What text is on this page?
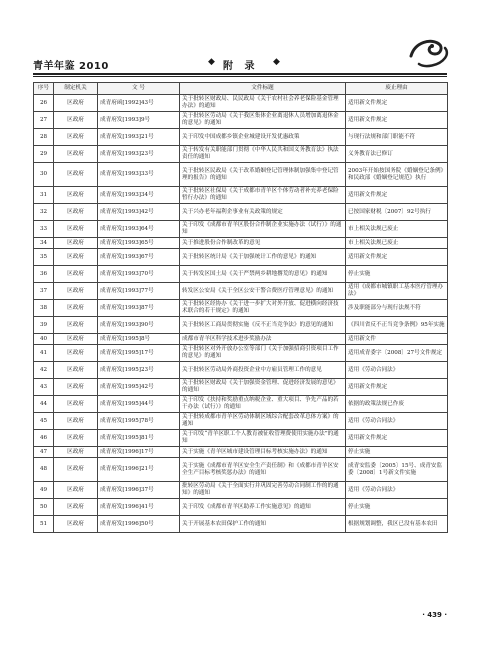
青羊年鉴 2010	◆ 附 录 ◆
序号	制定机关	文 号	文件标题	废止理由
26	区政府	成青府函[1992]43号	关于批转区财政局、民民政局《关于农村社会养老保险基金管理办法》的通知	适用新文件规定
27	区政府	成青府发[1993]9号	关于批转区劳动局《关于我区集体企业离退休人员增加离退休金的意见》的通知	适用新文件规定
28	区政府	成青府发[1993]21号	关于印发中国成都乡镇企业城建设开发优惠政策	与现行法规和部门职能不符
29	区政府	成青府发[1993]23号	关于转发有关职能部门贯彻《中华人民共和国义务教育法》执法责任的通知	义务教育法已修订
30	区政府	成青府发[1993]33号	关于批转区民政局《关于改革婚姻登记管理体制加强集中登记管理的报告》的通知	2003年开始按国务院《婚姻登记条例》和民政部《婚姻登记规范》执行
31	区政府	成青府发[1993]34号	关于批转区社保局《关于成都市青羊区个体劳动者补充养老保险暂行办法》的通知	适用新文件规定
32	区政府	成青府发[1993]42号	关于兴办老年福利企事业有关政策的规定	已按国家财税〔2007〕92号执行
33	区政府	成青府发[1993]64号	关于印发《成都市青羊区股份合作制企业实施办法（试行）》的通知	市上相关法规已废止
34	区政府	成青府发[1993]65号	关于推进股份合作制改革的意见	市上相关法规已废止
35	区政府	成青府发[1993]67号	关于批转区统计局《关于加强统计工作的意见》的通知	适用新文件规定
36	区政府	成青府发[1993]70号	关于转发区国土局《关于严禁两乡耕地撂荒的意见》的通知	停止实施
37	区政府	成青府发[1993]77号	转发区公安局《关于全区公安干警合费医疗管理意见》的通知	适用《成都市城镇职工基本医疗管理办法》
38	区政府	成青府发[1993]87号	关于批转区经协办《关于进一步扩大对外开放、促进横向经济技术联合的若干规定》的通知	涉及职能部分与现行法规不符
39	区政府	成青府发[1993]90号	关于批转区工商局贯彻实施《反不正当竞争法》的意见的通知	《四川省反不正当竞争条例》95年实施
40	区政府	成青府发[1995]8号	成都市青羊区科学技术进步奖励办法	适用新文件
41	区政府	成青府发[1995]17号	关于批转区对外开放办公室等部门《关于加强招商引资项目工作的意见》的通知	适用成青委字〔2008〕27号文件规定
42	区政府	成青府发[1995]23号	关于批转区劳动局外商投资企业中方雇员管理工作的意见	适用《劳动合同法》
43	区政府	成青府发[1995]42号	关于批转区财政局《关于加强资金管理、促进经济发展的意见》的通知	适用新文件规定
44	区政府	成青府发[1995]44号	关于印发《扶持和奖励重点纳税企业、重大项目、争先产品的若干办法（试行）》的通知	依据的政策法规已作废
45	区政府	成青府发[1995]78号	关于批转成都市青羊区劳动体制区域综合配套改革总体方案》的通知	适用《劳动合同法》
46	区政府	成青府发[1995]81号	关于印发“青羊区职工个人教育被征收管理费使用实施办法”的通知	适用新文件规定
47	区政府	成青府发[1996]17号	关于实施《青羊区城市建设管理目标考核实施办法》的通知	停止实施
48	区政府	成青府发[1996]21号	关于实施《成都市青羊区安全生产责任制》和《成都市青羊区安全生产目标考核奖惩办法》的通知	成青安监委〔2005〕15号、成青安监委〔2008〕1号新文件实施
49	区政府	成青府发[1996]37号	批转区劳动局《关于全面实行并巩固完善劳动合同制工作的的通知》的通知	适用《劳动合同法》
50	区政府	成青府发[1996]41号	关于印发《成都市青羊区助养工作实施意见》的通知	停止实施
51	区政府	成青府发[1996]50号	关于开展基本农田保护工作的通知	根据规划调整，我区已没有基本农田
· 439 ·
